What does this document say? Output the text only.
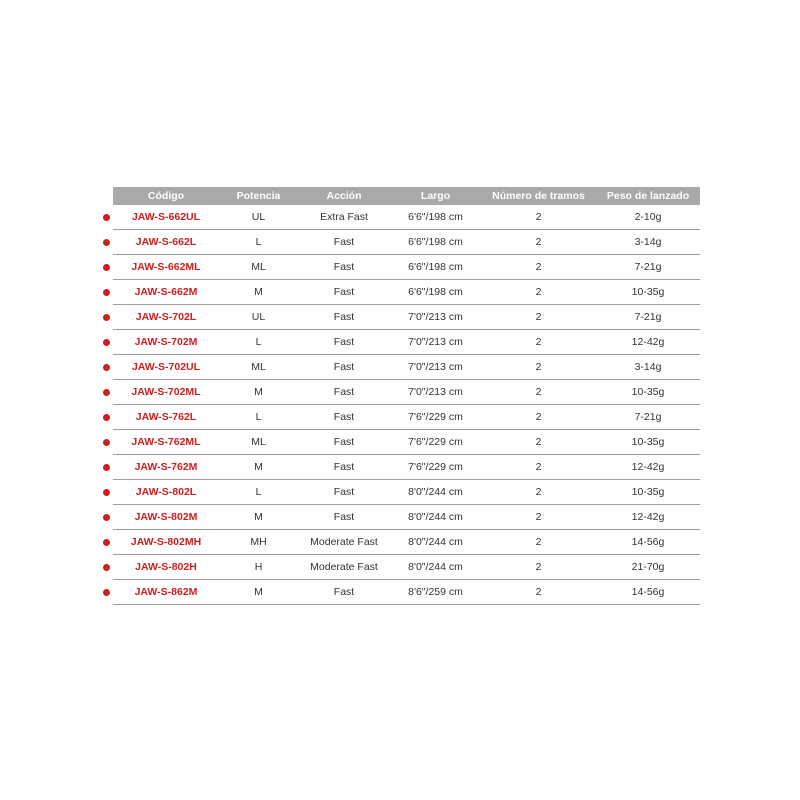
Código	Potencia	Acción	Largo	Número de tramos	Peso de lanzado

JAW-S-662UL	UL	Extra Fast	6'6"/198 cm	2	2-10g

JAW-S-662L	L	Fast	6'6"/198 cm	2	3-14g

JAW-S-662ML	ML	Fast	6'6"/198 cm	2	7-21g

JAW-S-662M	M	Fast	6'6"/198 cm	2	10-35g

JAW-S-702L	UL	Fast	7'0"/213 cm	2	7-21g

JAW-S-702M	L	Fast	7'0"/213 cm	2	12-42g

JAW-S-702UL	ML	Fast	7'0"/213 cm	2	3-14g

JAW-S-702ML	M	Fast	7'0"/213 cm	2	10-35g

JAW-S-762L	L	Fast	7'6"/229 cm	2	7-21g

JAW-S-762ML	ML	Fast	7'6"/229 cm	2	10-35g

JAW-S-762M	M	Fast	7'6"/229 cm	2	12-42g

JAW-S-802L	L	Fast	8'0"/244 cm	2	10-35g

JAW-S-802M	M	Fast	8'0"/244 cm	2	12-42g

JAW-S-802MH	MH	Moderate Fast	8'0"/244 cm	2	14-56g

JAW-S-802H	H	Moderate Fast	8'0"/244 cm	2	21-70g

JAW-S-862M	M	Fast	8'6"/259 cm	2	14-56g
